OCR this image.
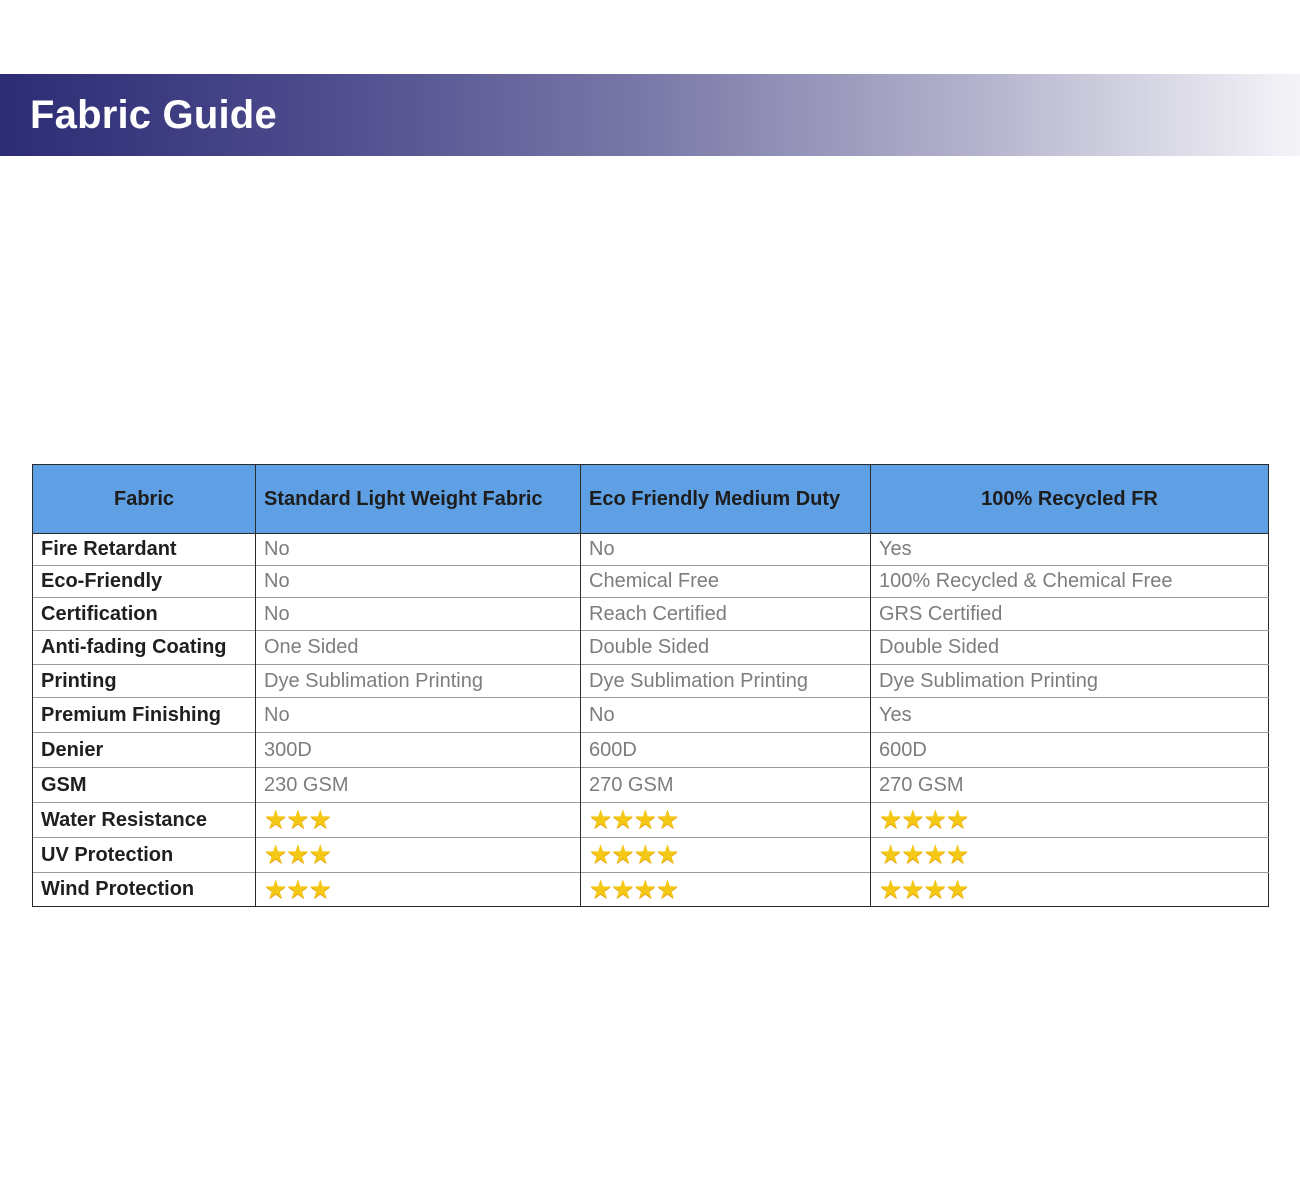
Fabric Guide
Fabric	Standard Light Weight Fabric	Eco Friendly Medium Duty	100% Recycled FR
Fire Retardant	No	No	Yes
Eco-Friendly	No	Chemical Free	100% Recycled & Chemical Free
Certification	No	Reach Certified	GRS Certified
Anti-fading Coating	One Sided	Double Sided	Double Sided
Printing	Dye Sublimation Printing	Dye Sublimation Printing	Dye Sublimation Printing
Premium Finishing	No	No	Yes
Denier	300D	600D	600D
GSM	230 GSM	270 GSM	270 GSM
Water Resistance	★★★	★★★★	★★★★
UV Protection	★★★	★★★★	★★★★
Wind Protection	★★★	★★★★	★★★★
